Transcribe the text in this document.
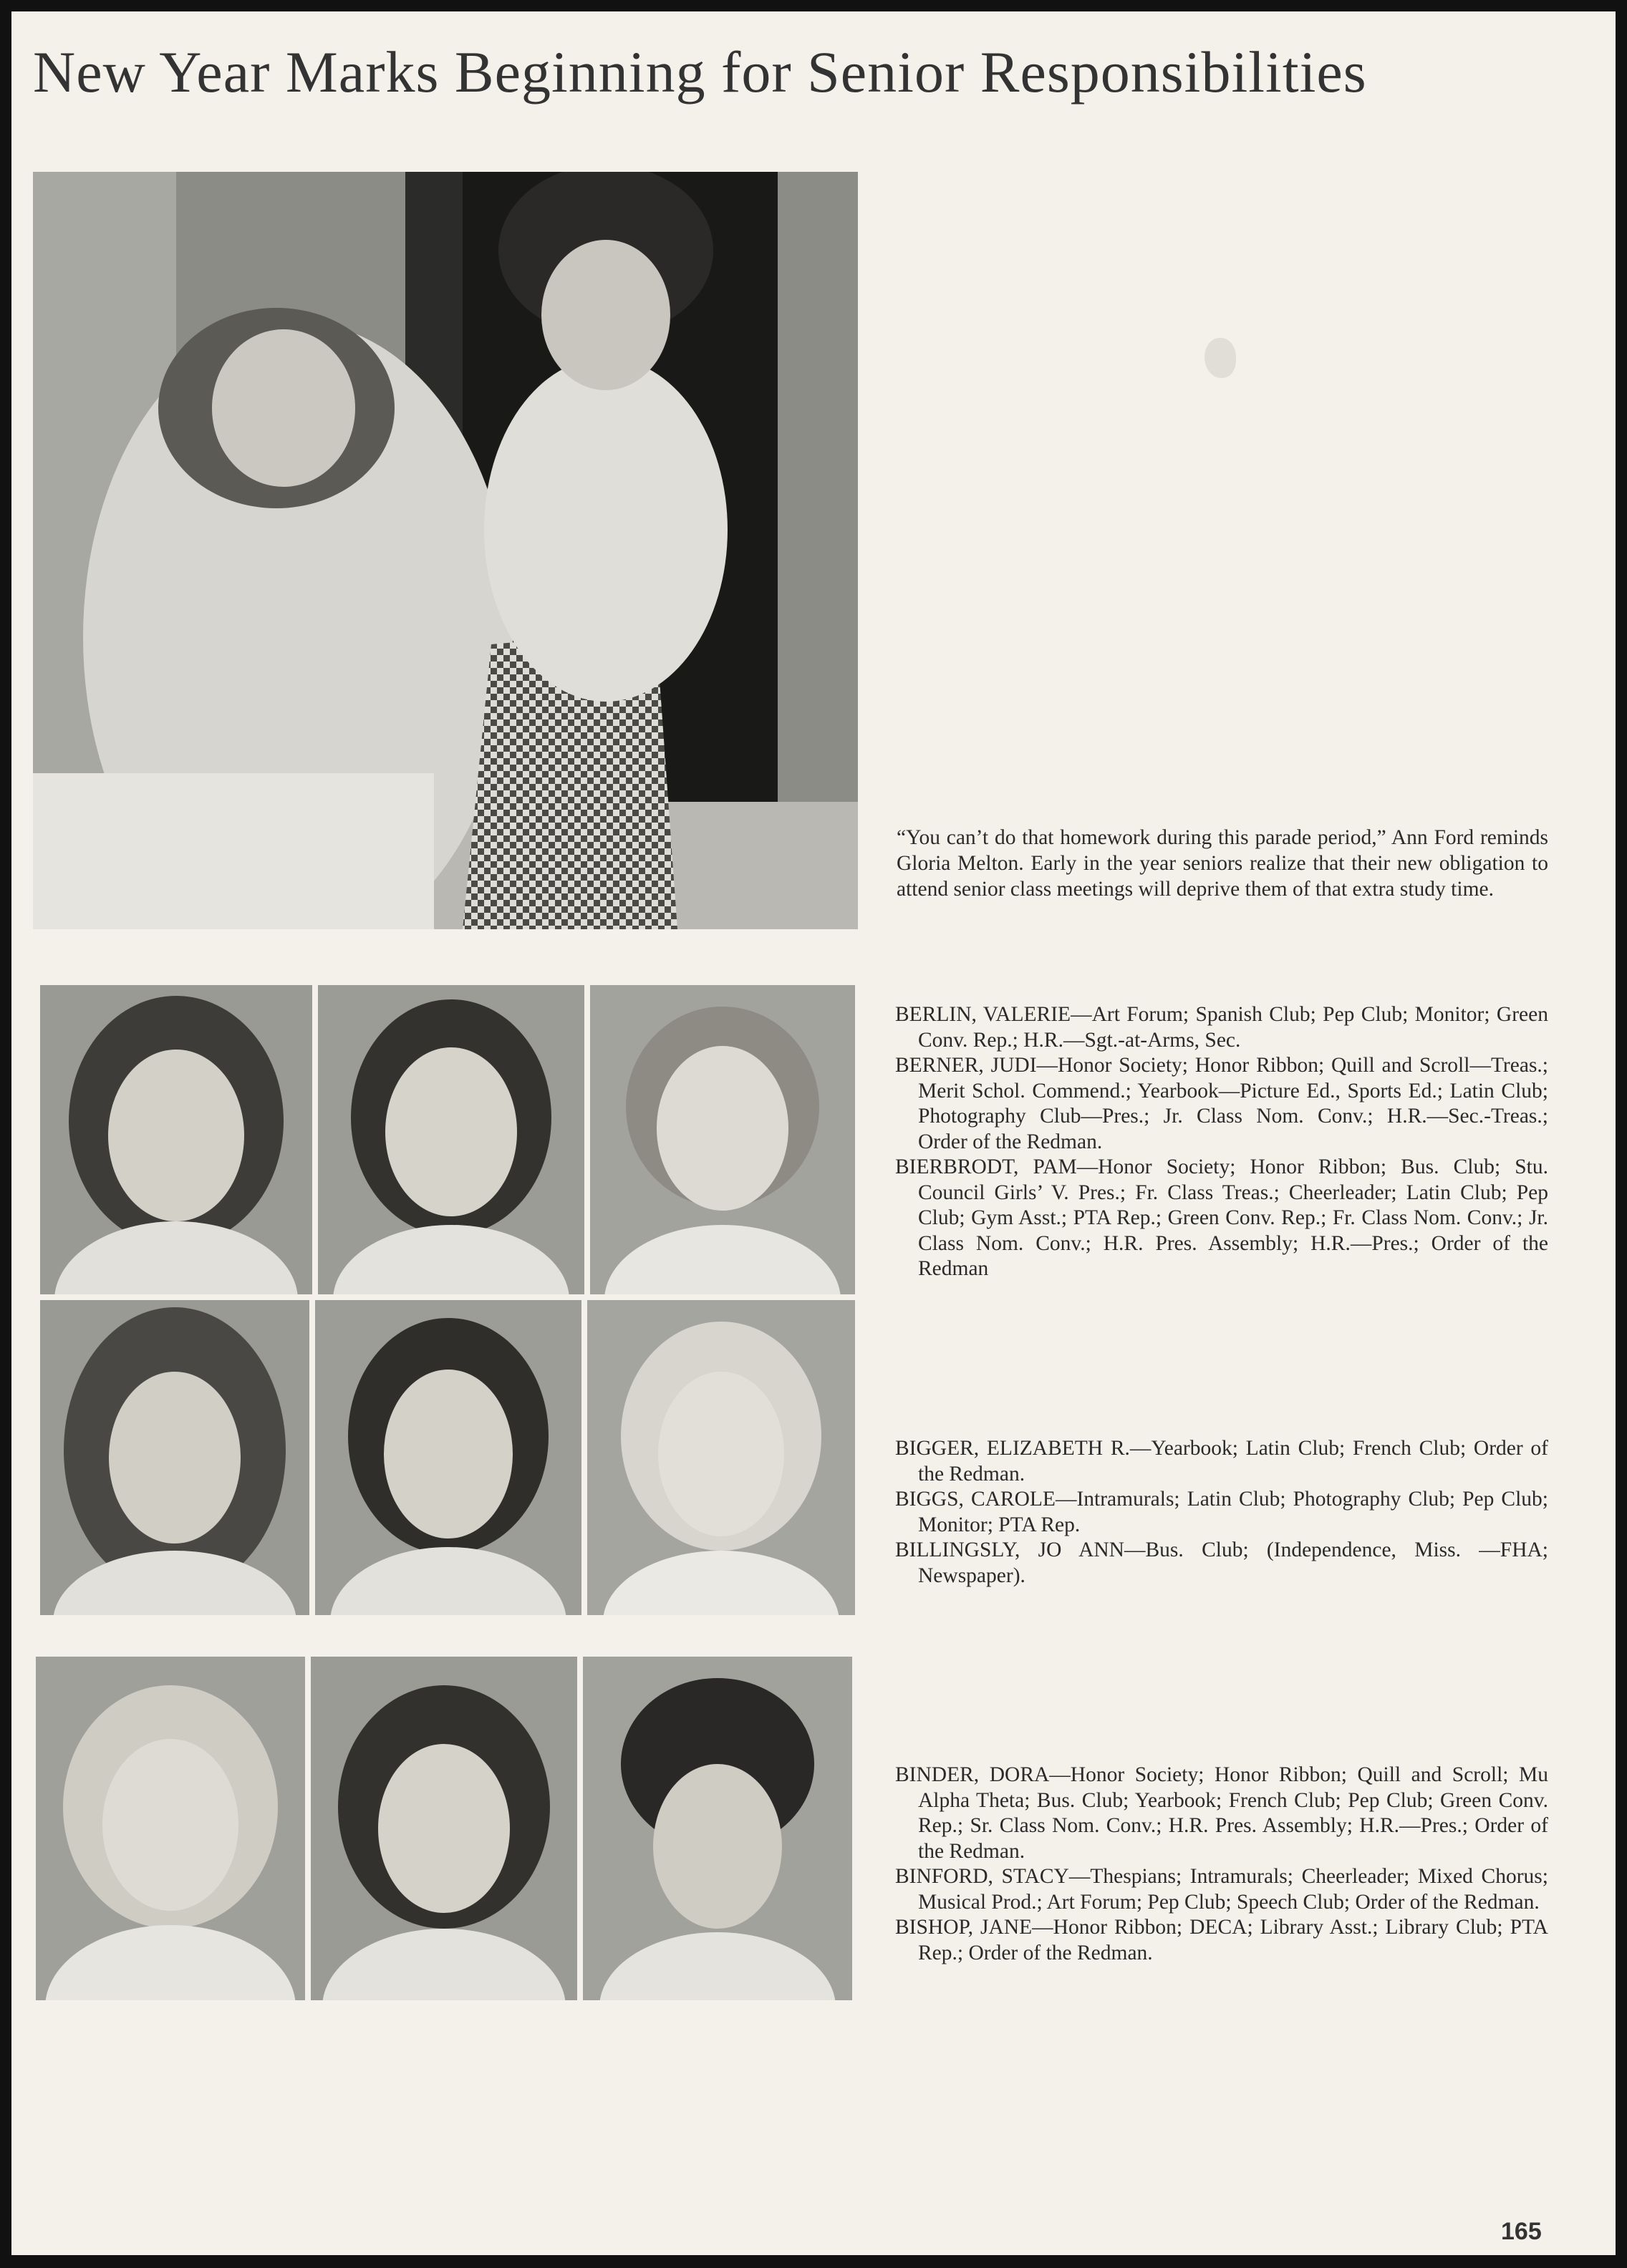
New Year Marks Beginning for Senior Responsibilities

“You can’t do that homework during this parade period,” Ann Ford reminds Gloria Melton. Early in the year seniors realize that their new obligation to attend senior class meetings will deprive them of that extra study time.

BERLIN, VALERIE—Art Forum; Spanish Club; Pep Club; Monitor; Green Conv. Rep.; H.R.—Sgt.-at-Arms, Sec.

BERNER, JUDI—Honor Society; Honor Ribbon; Quill and Scroll—Treas.; Merit Schol. Commend.; Yearbook—Picture Ed., Sports Ed.; Latin Club; Photography Club—Pres.; Jr. Class Nom. Conv.; H.R.—Sec.-Treas.; Order of the Redman.

BIERBRODT, PAM—Honor Society; Honor Ribbon; Bus. Club; Stu. Council Girls’ V. Pres.; Fr. Class Treas.; Cheerleader; Latin Club; Pep Club; Gym Asst.; PTA Rep.; Green Conv. Rep.; Fr. Class Nom. Conv.; Jr. Class Nom. Conv.; H.R. Pres. Assembly; H.R.—Pres.; Order of the Redman

BIGGER, ELIZABETH R.—Yearbook; Latin Club; French Club; Order of the Redman.

BIGGS, CAROLE—Intramurals; Latin Club; Photography Club; Pep Club; Monitor; PTA Rep.

BILLINGSLY, JO ANN—Bus. Club; (Independence, Miss. —FHA; Newspaper).

BINDER, DORA—Honor Society; Honor Ribbon; Quill and Scroll; Mu Alpha Theta; Bus. Club; Yearbook; French Club; Pep Club; Green Conv. Rep.; Sr. Class Nom. Conv.; H.R. Pres. Assembly; H.R.—Pres.; Order of the Redman.

BINFORD, STACY—Thespians; Intramurals; Cheerleader; Mixed Chorus; Musical Prod.; Art Forum; Pep Club; Speech Club; Order of the Redman.

BISHOP, JANE—Honor Ribbon; DECA; Library Asst.; Library Club; PTA Rep.; Order of the Redman.

165
